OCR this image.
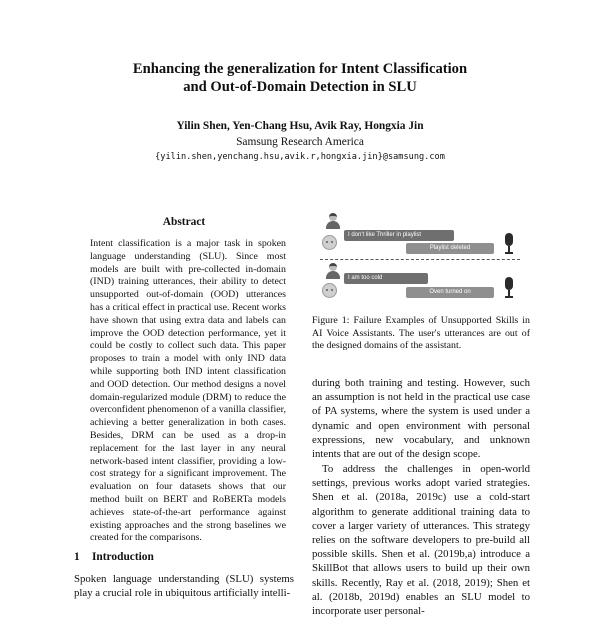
Enhancing the generalization for Intent Classification
and Out-of-Domain Detection in SLU
Yilin Shen, Yen-Chang Hsu, Avik Ray, Hongxia Jin
Samsung Research America
{yilin.shen,yenchang.hsu,avik.r,hongxia.jin}@samsung.com
Abstract

Intent classification is a major task in spoken language understanding (SLU). Since most models are built with pre-collected in-domain (IND) training utterances, their ability to detect unsupported out-of-domain (OOD) utterances has a critical effect in practical use. Recent works have shown that using extra data and labels can improve the OOD detection performance, yet it could be costly to collect such data. This paper proposes to train a model with only IND data while supporting both IND intent classification and OOD detection. Our method designs a novel domain-regularized module (DRM) to reduce the overconfident phenomenon of a vanilla classifier, achieving a better generalization in both cases. Besides, DRM can be used as a drop-in replacement for the last layer in any neural network-based intent classifier, providing a low-cost strategy for a significant improvement. The evaluation on four datasets shows that our method built on BERT and RoBERTa models achieves state-of-the-art performance against existing approaches and the strong baselines we created for the comparisons.

1 Introduction

Spoken language understanding (SLU) systems play a crucial role in ubiquitous artificially intelli-

I don't like Thriller in playlist
Playlist deleted
I am too cold
Oven turned on

Figure 1: Failure Examples of Unsupported Skills in AI Voice Assistants. The user's utterances are out of the designed domains of the assistant.

during both training and testing. However, such an assumption is not held in the practical use case of PA systems, where the system is used under a dynamic and open environment with personal expressions, new vocabulary, and unknown intents that are out of the design scope.

To address the challenges in open-world settings, previous works adopt varied strategies. Shen et al. (2018a, 2019c) use a cold-start algorithm to generate additional training data to cover a larger variety of utterances. This strategy relies on the software developers to pre-build all possible skills. Shen et al. (2019b,a) introduce a SkillBot that allows users to build up their own skills. Recently, Ray et al. (2018, 2019); Shen et al. (2018b, 2019d) enables an SLU model to incorporate user personal-
